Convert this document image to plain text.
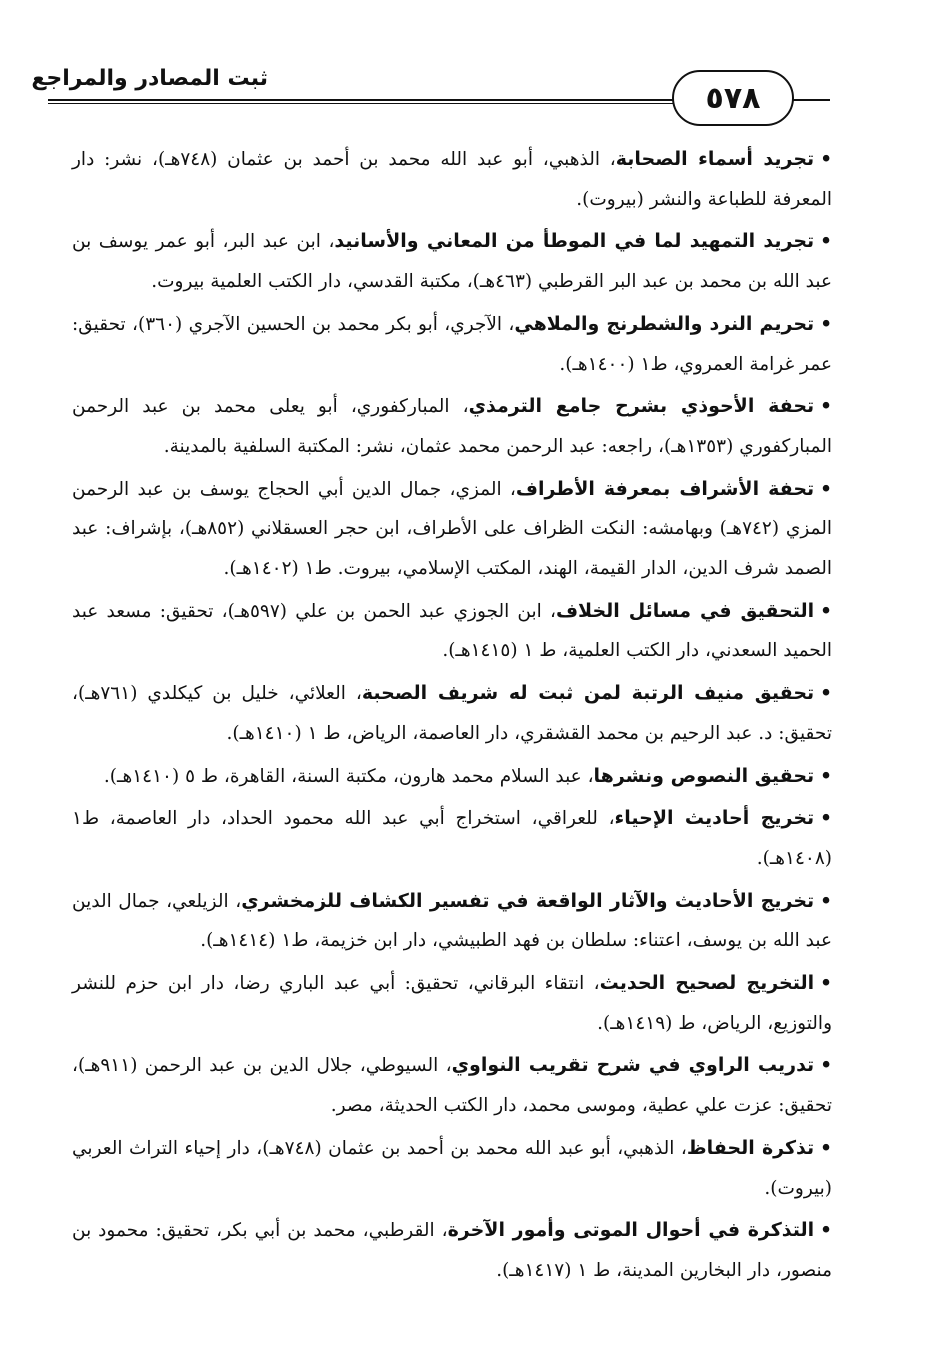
ثبت المصادر والمراجع
٥٧٨

•تجريد أسماء الصحابة، الذهبي، أبو عبد الله محمد بن أحمد بن عثمان (٧٤٨هـ)، نشر: دار المعرفة للطباعة والنشر (بيروت).

•تجريد التمهيد لما في الموطأ من المعاني والأسانيد، ابن عبد البر، أبو عمر يوسف بن عبد الله بن محمد بن عبد البر القرطبي (٤٦٣هـ)، مكتبة القدسي، دار الكتب العلمية بيروت.

•تحريم النرد والشطرنج والملاهي، الآجري، أبو بكر محمد بن الحسين الآجري (٣٦٠)، تحقيق: عمر غرامة العمروي، ط١ (١٤٠٠هـ).

•تحفة الأحوذي بشرح جامع الترمذي، المباركفوري، أبو يعلى محمد بن عبد الرحمن المباركفوري (١٣٥٣هـ)، راجعه: عبد الرحمن محمد عثمان، نشر: المكتبة السلفية بالمدينة.

•تحفة الأشراف بمعرفة الأطراف، المزي، جمال الدين أبي الحجاج يوسف بن عبد الرحمن المزي (٧٤٢هـ) وبهامشه: النكت الظراف على الأطراف، ابن حجر العسقلاني (٨٥٢هـ)، بإشراف: عبد الصمد شرف الدين، الدار القيمة، الهند، المكتب الإسلامي، بيروت. ط١ (١٤٠٢هـ).

•التحقيق في مسائل الخلاف، ابن الجوزي عبد الحمن بن علي (٥٩٧هـ)، تحقيق: مسعد عبد الحميد السعدني، دار الكتب العلمية، ط ١ (١٤١٥هـ).

•تحقيق منيف الرتبة لمن ثبت له شريف الصحبة، العلائي، خليل بن كيكلدي (٧٦١هـ)، تحقيق: د. عبد الرحيم بن محمد القشقري، دار العاصمة، الرياض، ط ١ (١٤١٠هـ).

•تحقيق النصوص ونشرها، عبد السلام محمد هارون، مكتبة السنة، القاهرة، ط ٥ (١٤١٠هـ).

•تخريج أحاديث الإحياء، للعراقي، استخراج أبي عبد الله محمود الحداد، دار العاصمة، ط١ (١٤٠٨هـ).

•تخريج الأحاديث والآثار الواقعة في تفسير الكشاف للزمخشري، الزيلعي، جمال الدين عبد الله بن يوسف، اعتناء: سلطان بن فهد الطبيشي، دار ابن خزيمة، ط١ (١٤١٤هـ).

•التخريج لصحيح الحديث، انتقاء البرقاني، تحقيق: أبي عبد الباري رضا، دار ابن حزم للنشر والتوزيع، الرياض، ط (١٤١٩هـ).

•تدريب الراوي في شرح تقريب النواوي، السيوطي، جلال الدين بن عبد الرحمن (٩١١هـ)، تحقيق: عزت علي عطية، وموسى محمد، دار الكتب الحديثة، مصر.

•تذكرة الحفاظ، الذهبي، أبو عبد الله محمد بن أحمد بن عثمان (٧٤٨هـ)، دار إحياء التراث العربي (بيروت).

•التذكرة في أحوال الموتى وأمور الآخرة، القرطبي، محمد بن أبي بكر، تحقيق: محمود بن منصور، دار البخارين المدينة، ط ١ (١٤١٧هـ).
